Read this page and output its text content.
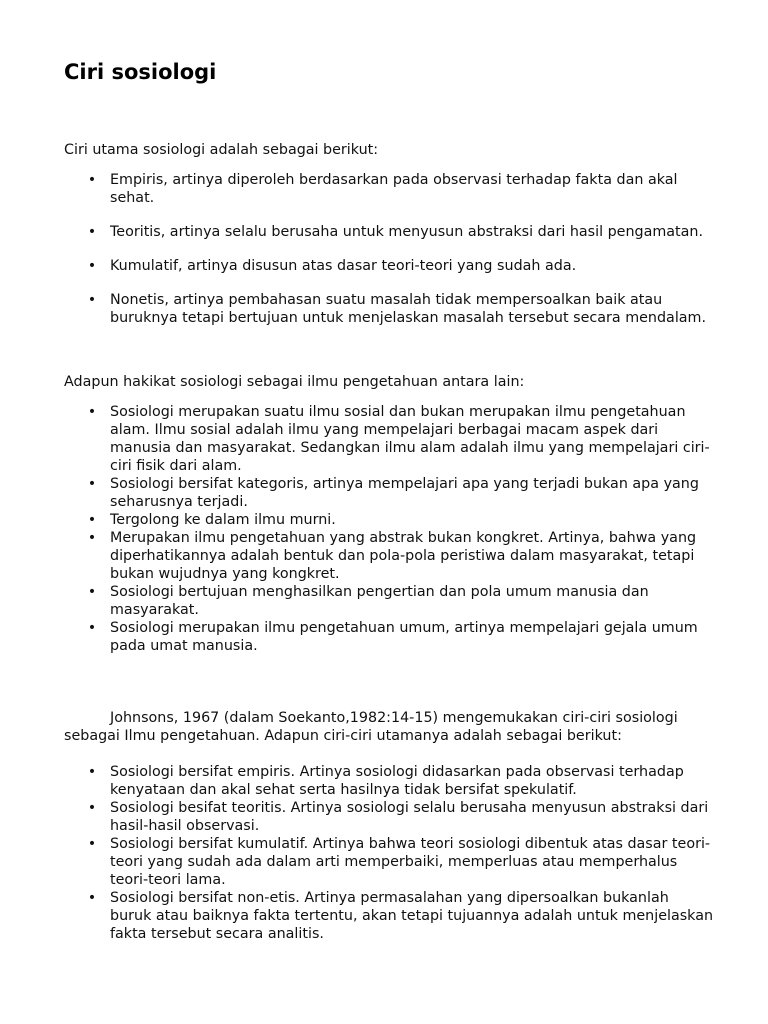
Ciri sosiologi

Ciri utama sosiologi adalah sebagai berikut:

• Empiris, artinya diperoleh berdasarkan pada observasi terhadap fakta dan akal sehat.
• Teoritis, artinya selalu berusaha untuk menyusun abstraksi dari hasil pengamatan.
• Kumulatif, artinya disusun atas dasar teori-teori yang sudah ada.
• Nonetis, artinya pembahasan suatu masalah tidak mempersoalkan baik atau buruknya tetapi bertujuan untuk menjelaskan masalah tersebut secara mendalam.

Adapun hakikat sosiologi sebagai ilmu pengetahuan antara lain:

• Sosiologi merupakan suatu ilmu sosial dan bukan merupakan ilmu pengetahuan alam. Ilmu sosial adalah ilmu yang mempelajari berbagai macam aspek dari manusia dan masyarakat. Sedangkan ilmu alam adalah ilmu yang mempelajari ciri-ciri fisik dari alam.
• Sosiologi bersifat kategoris, artinya mempelajari apa yang terjadi bukan apa yang seharusnya terjadi.
• Tergolong ke dalam ilmu murni.
• Merupakan ilmu pengetahuan yang abstrak bukan kongkret. Artinya, bahwa yang diperhatikannya adalah bentuk dan pola-pola peristiwa dalam masyarakat, tetapi bukan wujudnya yang kongkret.
• Sosiologi bertujuan menghasilkan pengertian dan pola umum manusia dan masyarakat.
• Sosiologi merupakan ilmu pengetahuan umum, artinya mempelajari gejala umum pada umat manusia.

Johnsons, 1967 (dalam Soekanto,1982:14-15) mengemukakan ciri-ciri sosiologi sebagai Ilmu pengetahuan. Adapun ciri-ciri utamanya adalah sebagai berikut:

• Sosiologi bersifat empiris. Artinya sosiologi didasarkan pada observasi terhadap kenyataan dan akal sehat serta hasilnya tidak bersifat spekulatif.
• Sosiologi besifat teoritis. Artinya sosiologi selalu berusaha menyusun abstraksi dari hasil-hasil observasi.
• Sosiologi bersifat kumulatif. Artinya bahwa teori sosiologi dibentuk atas dasar teori-teori yang sudah ada dalam arti memperbaiki, memperluas atau memperhalus teori-teori lama.
• Sosiologi bersifat non-etis. Artinya permasalahan yang dipersoalkan bukanlah buruk atau baiknya fakta tertentu, akan tetapi tujuannya adalah untuk menjelaskan fakta tersebut secara analitis.
